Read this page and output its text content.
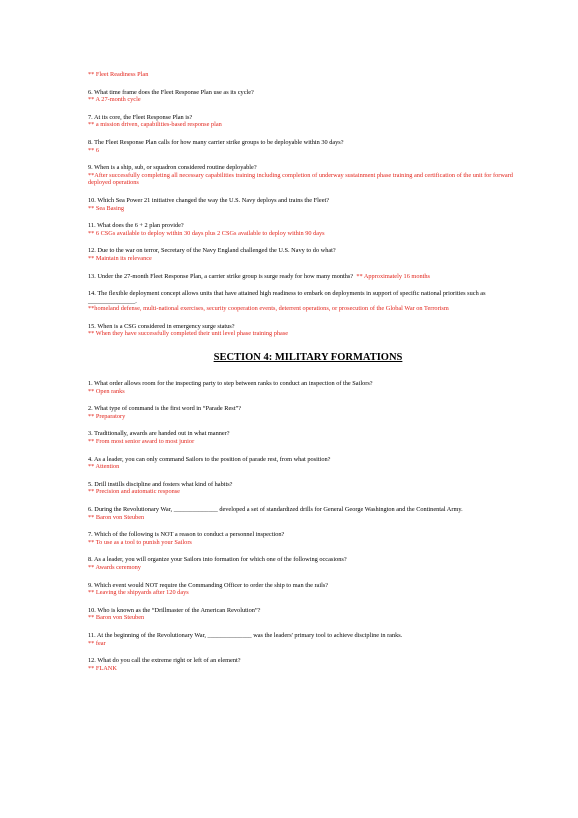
** Fleet Readiness Plan
6. What time frame does the Fleet Response Plan use as its cycle?
** A 27-month cycle
7. At its core, the Fleet Response Plan is?
** a mission driven, capabilities-based response plan
8. The Fleet Response Plan calls for how many carrier strike groups to be deployable within 30 days?
** 6
9. When is a ship, sub, or squadron considered routine deployable?
**After successfully completing all necessary capabilities training including completion of underway sustainment phase training and certification of the unit for forward deployed operations
10. Which Sea Power 21 initiative changed the way the U.S. Navy deploys and trains the Fleet?
** Sea Basing
11. What does the 6 + 2 plan provide?
** 6 CSGs available to deploy within 30 days plus 2 CSGs available to deploy within 90 days
12. Due to the war on terror, Secretary of the Navy England challenged the U.S. Navy to do what?
** Maintain its relevance
13. Under the 27-month Fleet Response Plan, a carrier strike group is surge ready for how many months? ** Approximately 16 months
14. The flexible deployment concept allows units that have attained high readiness to embark on deployments in support of specific national priorities such as _______________.
**homeland defense, multi-national exercises, security cooperation events, deterrent operations, or prosecution of the Global War on Terrorism
15. When is a CSG considered in emergency surge status?
** When they have successfully completed their unit level phase training phase
SECTION 4: MILITARY FORMATIONS
1. What order allows room for the inspecting party to step between ranks to conduct an inspection of the Sailors?
** Open ranks
2. What type of command is the first word in “Parade Rest”?
** Preparatory
3. Traditionally, awards are handed out in what manner?
** From most senior award to most junior
4. As a leader, you can only command Sailors to the position of parade rest, from what position?
** Attention
5. Drill instills discipline and fosters what kind of habits?
** Precision and automatic response
6. During the Revolutionary War, ______________ developed a set of standardized drills for General George Washington and the Continental Army.
** Baron von Steuben
7. Which of the following is NOT a reason to conduct a personnel inspection?
** To use as a tool to punish your Sailors
8. As a leader, you will organize your Sailors into formation for which one of the following occasions?
** Awards ceremony
9. Which event would NOT require the Commanding Officer to order the ship to man the rails?
** Leaving the shipyards after 120 days
10. Who is known as the “Drillmaster of the American Revolution”?
** Baron von Steuben
11. At the beginning of the Revolutionary War, ______________ was the leaders' primary tool to achieve discipline in ranks.
** fear
12. What do you call the extreme right or left of an element?
** FLANK
